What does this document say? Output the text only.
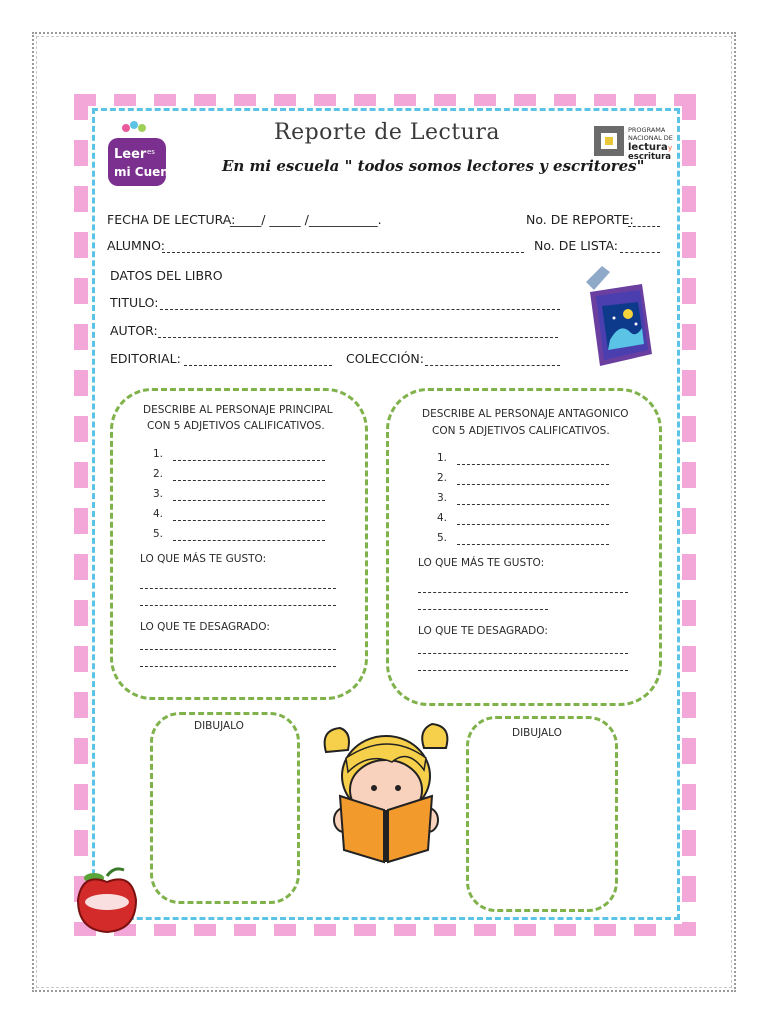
Leer es
mi Cuento
PROGRAMA
NACIONAL DE
lectura y
escritura
Reporte de Lectura
En mi escuela " todos somos lectores y escritores"
FECHA DE LECTURA:
_____/ _____ /___________.	No. DE REPORTE:
ALUMNO:	No. DE LISTA:
DATOS DEL LIBRO
TITULO:
AUTOR:
EDITORIAL:	COLECCIÓN:
DESCRIBE AL PERSONAJE PRINCIPAL
CON 5 ADJETIVOS CALIFICATIVOS.
1.
2.
3.
4.
5.
LO QUE MÁS TE GUSTO:
LO QUE TE DESAGRADO:
DESCRIBE AL PERSONAJE ANTAGONICO
CON 5 ADJETIVOS CALIFICATIVOS.
1.
2.
3.
4.
5.
LO QUE MÁS TE GUSTO:
LO QUE TE DESAGRADO:
DIBUJALO
DIBUJALO
